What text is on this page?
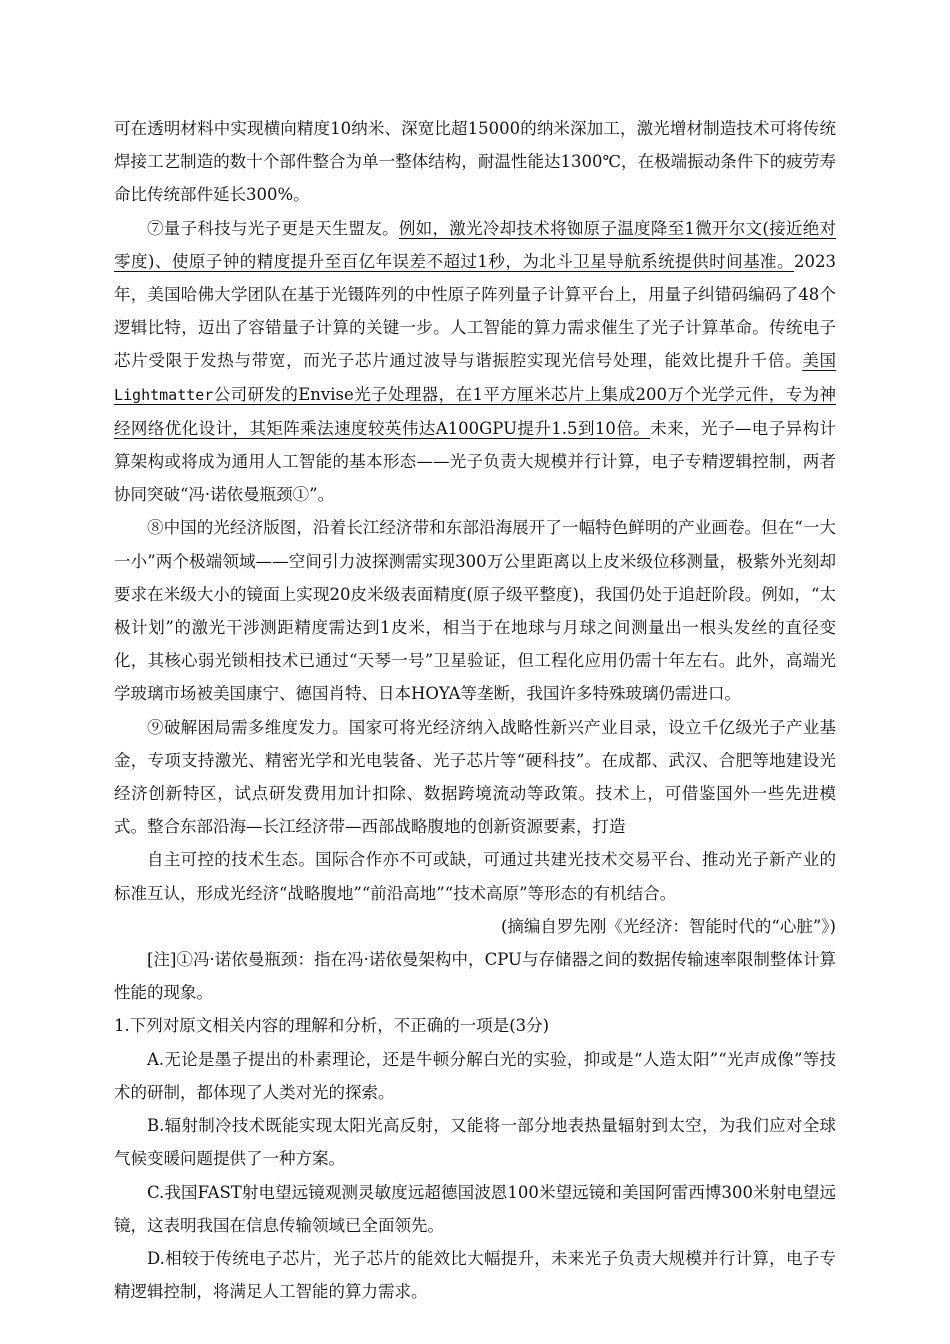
可在透明材料中实现横向精度10纳米、深宽比超15000的纳米深加工，激光增材制造技术可将传统焊接工艺制造的数十个部件整合为单一整体结构，耐温性能达1300℃，在极端振动条件下的疲劳寿命比传统部件延长300%。

⑦量子科技与光子更是天生盟友。例如，激光冷却技术将铷原子温度降至1微开尔文(接近绝对零度)、使原子钟的精度提升至百亿年误差不超过1秒，为北斗卫星导航系统提供时间基准。2023年，美国哈佛大学团队在基于光镊阵列的中性原子阵列量子计算平台上，用量子纠错码编码了48个逻辑比特，迈出了容错量子计算的关键一步。人工智能的算力需求催生了光子计算革命。传统电子芯片受限于发热与带宽，而光子芯片通过波导与谐振腔实现光信号处理，能效比提升千倍。美国Lightmatter公司研发的Envise光子处理器，在1平方厘米芯片上集成200万个光学元件，专为神经网络优化设计，其矩阵乘法速度较英伟达A100GPU提升1.5到10倍。未来，光子—电子异构计算架构或将成为通用人工智能的基本形态——光子负责大规模并行计算，电子专精逻辑控制，两者协同突破“冯·诺依曼瓶颈①”。

⑧中国的光经济版图，沿着长江经济带和东部沿海展开了一幅特色鲜明的产业画卷。但在“一大一小”两个极端领域——空间引力波探测需实现300万公里距离以上皮米级位移测量，极紫外光刻却要求在米级大小的镜面上实现20皮米级表面精度(原子级平整度)，我国仍处于追赶阶段。例如，“太极计划”的激光干涉测距精度需达到1皮米，相当于在地球与月球之间测量出一根头发丝的直径变化，其核心弱光锁相技术已通过“天琴一号”卫星验证，但工程化应用仍需十年左右。此外，高端光学玻璃市场被美国康宁、德国肖特、日本HOYA等垄断，我国许多特殊玻璃仍需进口。

⑨破解困局需多维度发力。国家可将光经济纳入战略性新兴产业目录，设立千亿级光子产业基金，专项支持激光、精密光学和光电装备、光子芯片等“硬科技”。在成都、武汉、合肥等地建设光经济创新特区，试点研发费用加计扣除、数据跨境流动等政策。技术上，可借鉴国外一些先进模式。整合东部沿海—长江经济带—西部战略腹地的创新资源要素，打造

自主可控的技术生态。国际合作亦不可或缺，可通过共建光技术交易平台、推动光子新产业的标准互认，形成光经济“战略腹地”“前沿高地”“技术高原”等形态的有机结合。

(摘编自罗先刚《光经济：智能时代的“心脏”》)

[注]①冯·诺依曼瓶颈：指在冯·诺依曼架构中，CPU与存储器之间的数据传输速率限制整体计算性能的现象。

1.下列对原文相关内容的理解和分析，不正确的一项是(3分)

A.无论是墨子提出的朴素理论，还是牛顿分解白光的实验，抑或是“人造太阳”“光声成像”等技术的研制，都体现了人类对光的探索。

B.辐射制冷技术既能实现太阳光高反射，又能将一部分地表热量辐射到太空，为我们应对全球气候变暖问题提供了一种方案。

C.我国FAST射电望远镜观测灵敏度远超德国波恩100米望远镜和美国阿雷西博300米射电望远镜，这表明我国在信息传输领域已全面领先。

D.相较于传统电子芯片，光子芯片的能效比大幅提升，未来光子负责大规模并行计算，电子专精逻辑控制，将满足人工智能的算力需求。
